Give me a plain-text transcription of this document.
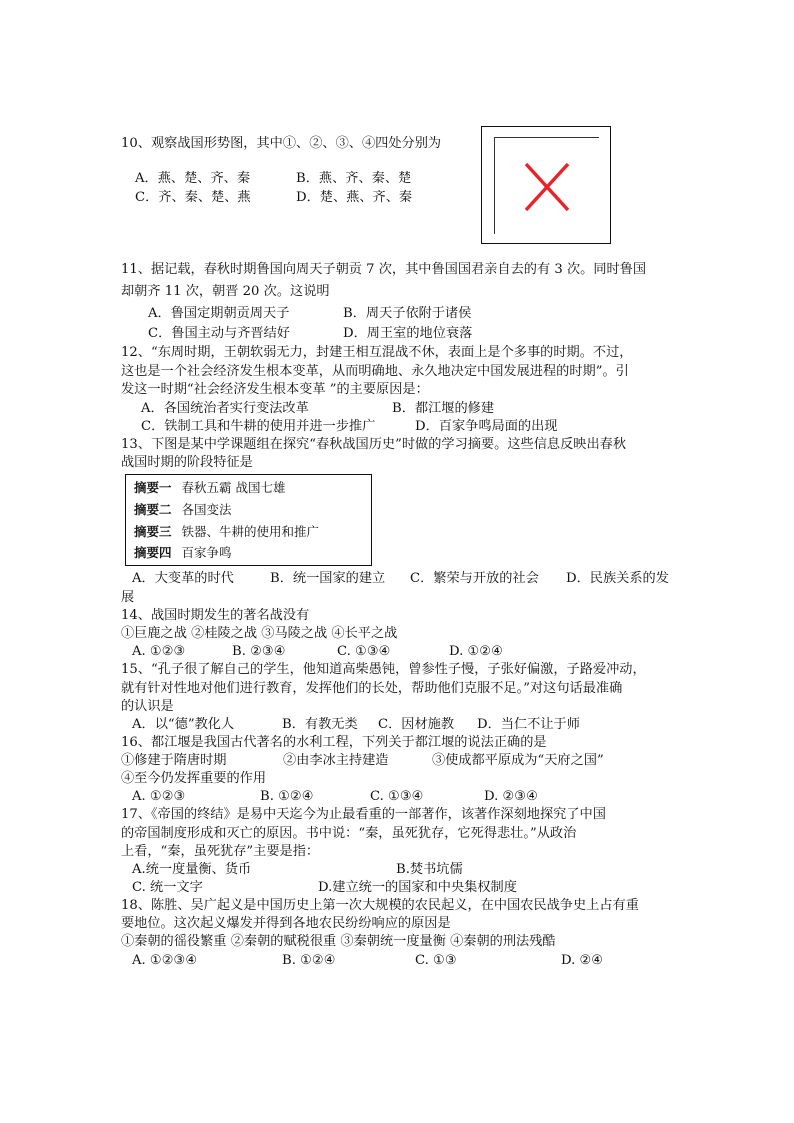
10、观察战国形势图，其中①、②、③、④四处分别为
A．燕、楚、齐、秦	B．燕、齐、秦、楚
C．齐、秦、楚、燕	D．楚、燕、齐、秦
11、据记载，春秋时期鲁国向周天子朝贡 7 次，其中鲁国国君亲自去的有 3 次。同时鲁国
却朝齐 11 次，朝晋 20 次。这说明
A．鲁国定期朝贡周天子	B．周天子依附于诸侯
C．鲁国主动与齐晋结好	D．周王室的地位衰落
12、“东周时期，王朝软弱无力，封建王相互混战不休，表面上是个多事的时期。不过，
这也是一个社会经济发生根本变革，从而明确地、永久地决定中国发展进程的时期”。引
发这一时期“社会经济发生根本变革 ”的主要原因是：
A．各国统治者实行变法改革	B．都江堰的修建
C．铁制工具和牛耕的使用并进一步推广	D．百家争鸣局面的出现
13、下图是某中学课题组在探究“春秋战国历史”时做的学习摘要。这些信息反映出春秋
战国时期的阶段特征是
摘要一 春秋五霸 战国七雄
摘要二 各国变法
摘要三 铁器、牛耕的使用和推广
摘要四 百家争鸣
A．大变革的时代	B．统一国家的建立 C．繁荣与开放的社会 D．民族关系的发
展
14、战国时期发生的著名战没有
①巨鹿之战 ②桂陵之战 ③马陵之战 ④长平之战
A. ①②③	B. ②③④	C. ①③④	D. ①②④
15、“孔子很了解自己的学生，他知道高柴愚钝，曾参性子慢，子张好偏激，子路爱冲动，
就有针对性地对他们进行教育，发挥他们的长处，帮助他们克服不足。”对这句话最准确
的认识是
A．以“德”教化人	B．有教无类 C．因材施教 D．当仁不让于师
16、都江堰是我国古代著名的水利工程，下列关于都江堰的说法正确的是
①修建于隋唐时期	②由李冰主持建造	③使成都平原成为“天府之国”
④至今仍发挥重要的作用
A. ①②③	B. ①②④	C. ①③④	D. ②③④
17、《帝国的终结》是易中天迄今为止最看重的一部著作，该著作深刻地探究了中国
的帝国制度形成和灭亡的原因。书中说：“秦，虽死犹存，它死得悲壮。”从政治
上看，“秦，虽死犹存”主要是指：
A.统一度量衡、货币	B.焚书坑儒
C. 统一文字	D.建立统一的国家和中央集权制度
18、陈胜、吴广起义是中国历史上第一次大规模的农民起义，在中国农民战争史上占有重
要地位。这次起义爆发并得到各地农民纷纷响应的原因是
①秦朝的徭役繁重 ②秦朝的赋税很重 ③秦朝统一度量衡 ④秦朝的刑法残酷
A. ①②③④	B. ①②④	C. ①③	D. ②④
